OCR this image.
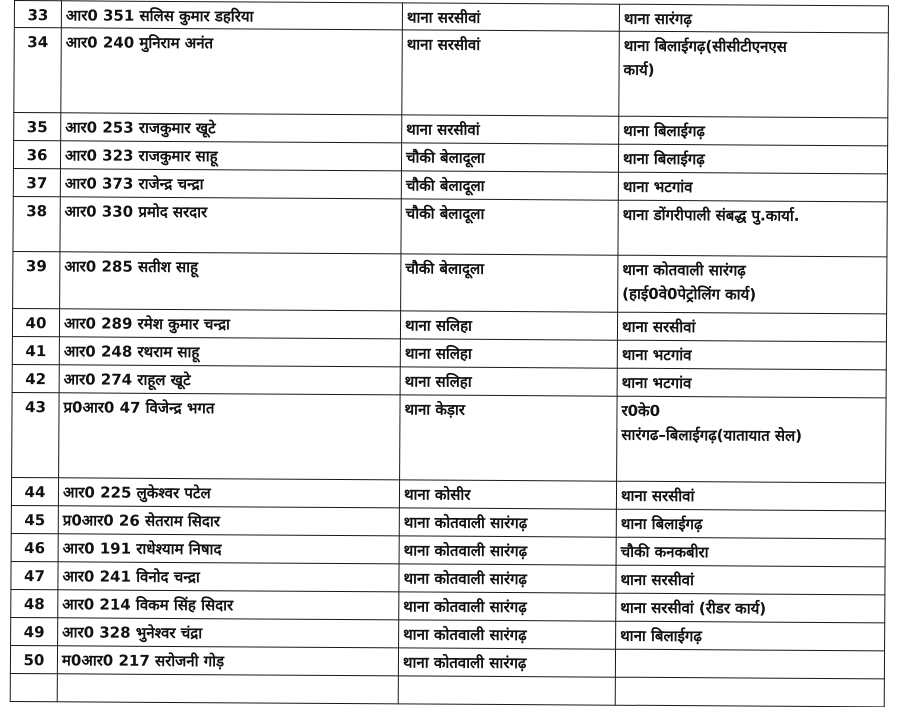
33	आर0 351 सलिस कुमार डहरिया	थाना सरसीवां	थाना सारंगढ़

34	आर0 240 मुनिराम अनंत	थाना सरसीवां	थाना बिलाईगढ़(सीसीटीएनएस
कार्य)

35	आर0 253 राजकुमार खूटे	थाना सरसीवां	थाना बिलाईगढ़

36	आर0 323 राजकुमार साहू	चौकी बेलादूला	थाना बिलाईगढ़

37	आर0 373 राजेन्द्र चन्द्रा	चौकी बेलादूला	थाना भटगांव

38	आर0 330 प्रमोद सरदार	चौकी बेलादूला	थाना डोंगरीपाली संबद्ध पु.कार्या.

39	आर0 285 सतीश साहू	चौकी बेलादूला	थाना कोतवाली सारंगढ़
(हाई0वे0पेट्रोलिंग कार्य)

40	आर0 289 रमेश कुमार चन्द्रा	थाना सलिहा	थाना सरसीवां

41	आर0 248 रथराम साहू	थाना सलिहा	थाना भटगांव

42	आर0 274 राहूल खूटे	थाना सलिहा	थाना भटगांव

43	प्र0आर0 47 विजेन्द्र भगत	थाना केड़ार	र0के0
सारंगढ–बिलाईगढ़(यातायात सेल)

44	आर0 225 लुकेश्वर पटेल	थाना कोसीर	थाना सरसीवां

45	प्र0आर0 26 सेतराम सिदार	थाना कोतवाली सारंगढ़	थाना बिलाईगढ़

46	आर0 191 राधेश्याम निषाद	थाना कोतवाली सारंगढ़	चौकी कनकबीरा

47	आर0 241 विनोद चन्द्रा	थाना कोतवाली सारंगढ़	थाना सरसीवां

48	आर0 214 विकम सिंह सिदार	थाना कोतवाली सारंगढ़	थाना सरसीवां (रीडर कार्य)

49	आर0 328 भुनेश्वर चंद्रा	थाना कोतवाली सारंगढ़	थाना बिलाईगढ़

50	म0आर0 217 सरोजनी गोड़	थाना कोतवाली सारंगढ़	
